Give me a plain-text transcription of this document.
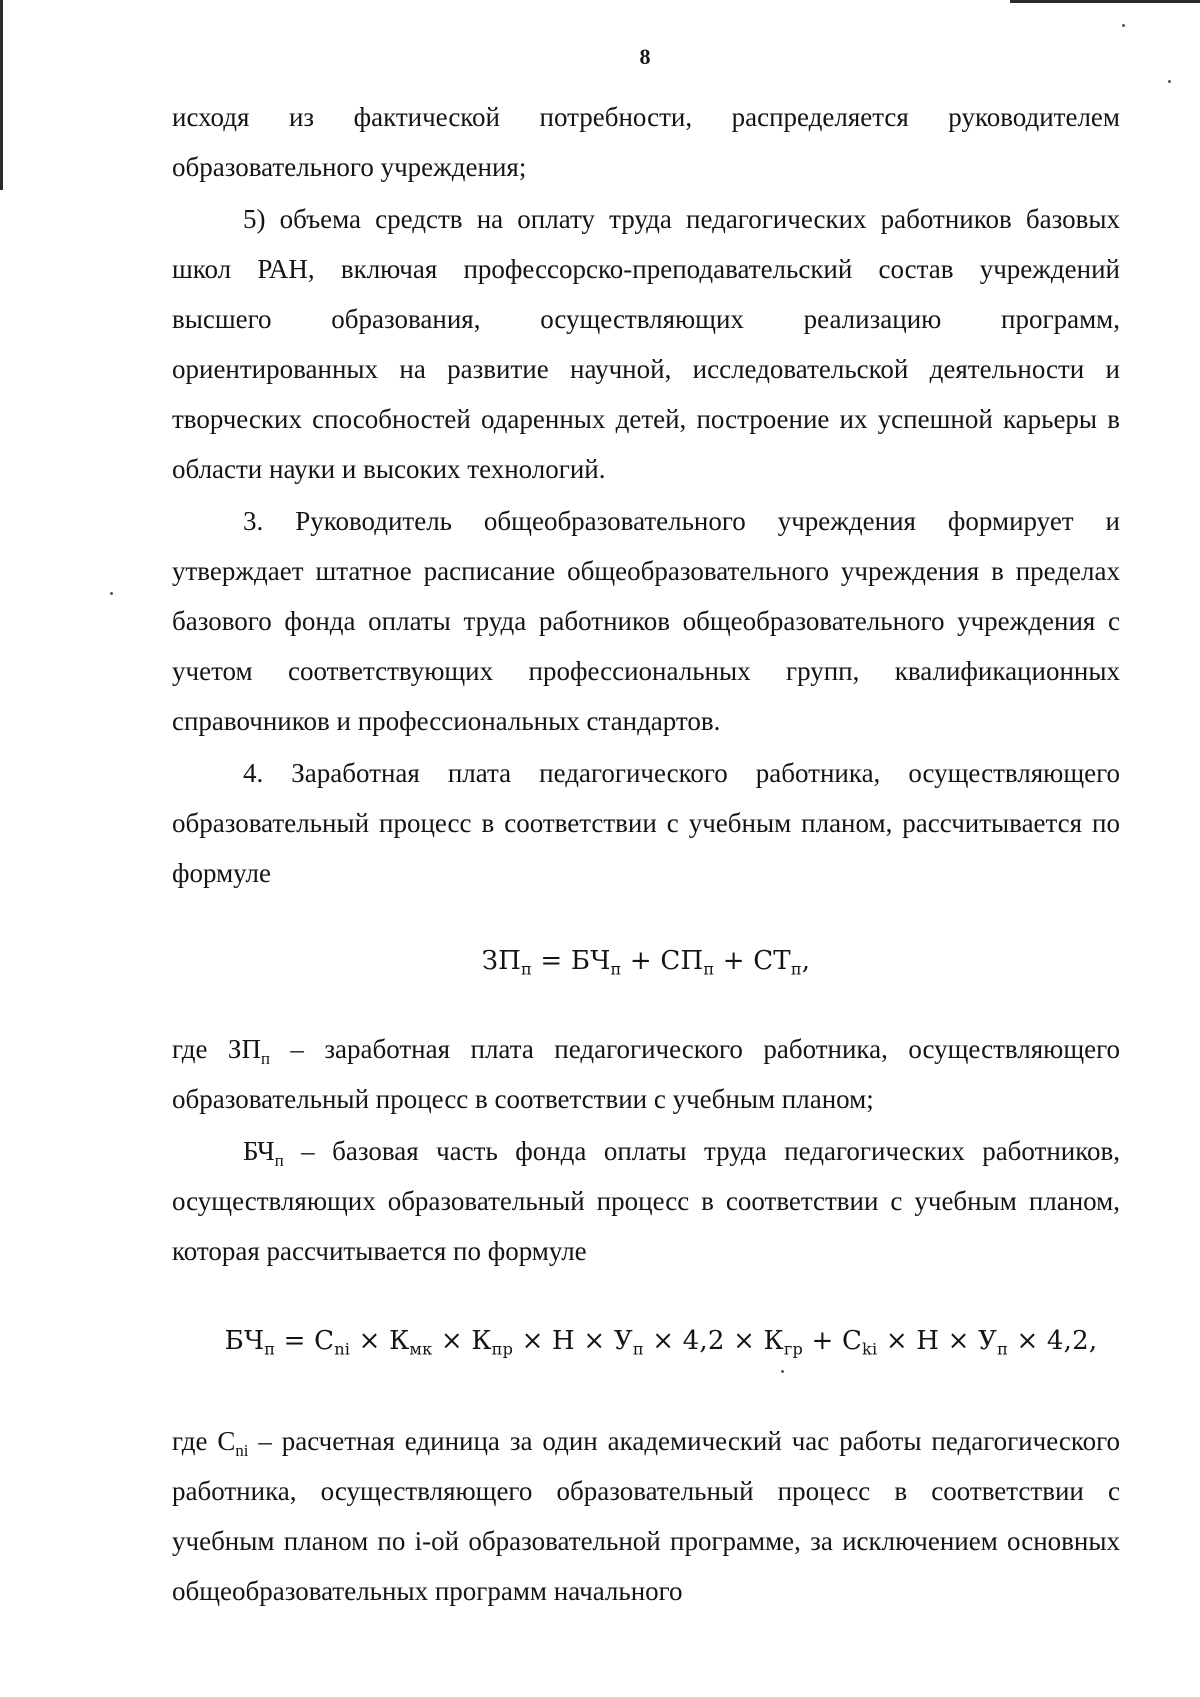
8

исходя из фактической потребности, распределяется руководителем образовательного учреждения;

5) объема средств на оплату труда педагогических работников базовых школ РАН, включая профессорско-преподавательский состав учреждений высшего образования, осуществляющих реализацию программ, ориентированных на развитие научной, исследовательской деятельности и творческих способностей одаренных детей, построение их успешной карьеры в области науки и высоких технологий.

3. Руководитель общеобразовательного учреждения формирует и утверждает штатное расписание общеобразовательного учреждения в пределах базового фонда оплаты труда работников общеобразовательного учреждения с учетом соответствующих профессиональных групп, квалификационных справочников и профессиональных стандартов.

4. Заработная плата педагогического работника, осуществляющего образовательный процесс в соответствии с учебным планом, рассчитывается по формуле

$ЗП_п = БЧ_п + СП_п + СТ_п$,

где $ЗП_п$ – заработная плата педагогического работника, осуществляющего образовательный процесс в соответствии с учебным планом;

$БЧ_п$ – базовая часть фонда оплаты труда педагогических работников, осуществляющих образовательный процесс в соответствии с учебным планом, которая рассчитывается по формуле

$БЧ_п = С_{ni} \times К_{мк} \times К_{пр} \times Н \times У_п \times 4,2 \times К_{гр} + С_{ki} \times Н \times У_п \times 4,2$,

где $С_{ni}$ – расчетная единица за один академический час работы педагогического работника, осуществляющего образовательный процесс в соответствии с учебным планом по i-ой образовательной программе, за исключением основных общеобразовательных программ начального
